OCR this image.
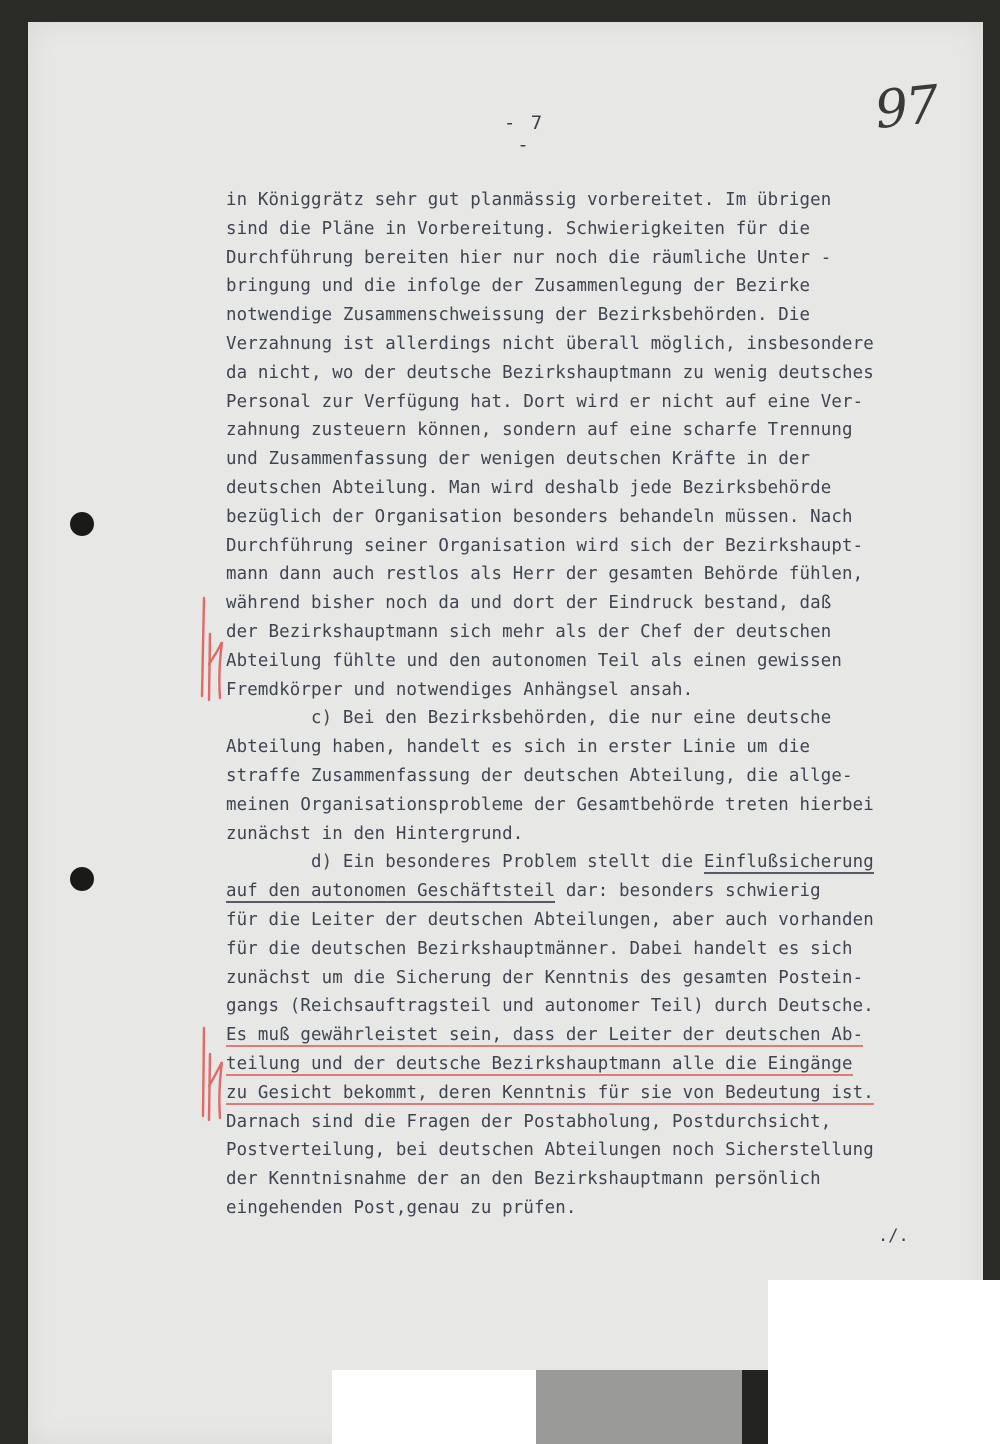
- 7 -
97
in Königgrätz sehr gut planmässig vorbereitet. Im übrigen
sind die Pläne in Vorbereitung. Schwierigkeiten für die
Durchführung bereiten hier nur noch die räumliche Unter -
bringung und die infolge der Zusammenlegung der Bezirke
notwendige Zusammenschweissung der Bezirksbehörden. Die
Verzahnung ist allerdings nicht überall möglich, insbesondere
da nicht, wo der deutsche Bezirkshauptmann zu wenig deutsches
Personal zur Verfügung hat. Dort wird er nicht auf eine Ver-
zahnung zusteuern können, sondern auf eine scharfe Trennung
und Zusammenfassung der wenigen deutschen Kräfte in der
deutschen Abteilung. Man wird deshalb jede Bezirksbehörde
bezüglich der Organisation besonders behandeln müssen. Nach
Durchführung seiner Organisation wird sich der Bezirkshaupt-
mann dann auch restlos als Herr der gesamten Behörde fühlen,
während bisher noch da und dort der Eindruck bestand, daß
der Bezirkshauptmann sich mehr als der Chef der deutschen
Abteilung fühlte und den autonomen Teil als einen gewissen
Fremdkörper und notwendiges Anhängsel ansah.
c) Bei den Bezirksbehörden, die nur eine deutsche
Abteilung haben, handelt es sich in erster Linie um die
straffe Zusammenfassung der deutschen Abteilung, die allge-
meinen Organisationsprobleme der Gesamtbehörde treten hierbei
zunächst in den Hintergrund.
d) Ein besonderes Problem stellt die Einflußsicherung
auf den autonomen Geschäftsteil dar: besonders schwierig
für die Leiter der deutschen Abteilungen, aber auch vorhanden
für die deutschen Bezirkshauptmänner. Dabei handelt es sich
zunächst um die Sicherung der Kenntnis des gesamten Postein-
gangs (Reichsauftragsteil und autonomer Teil) durch Deutsche.
Es muß gewährleistet sein, dass der Leiter der deutschen Ab-
teilung und der deutsche Bezirkshauptmann alle die Eingänge
zu Gesicht bekommt, deren Kenntnis für sie von Bedeutung ist.
Darnach sind die Fragen der Postabholung, Postdurchsicht,
Postverteilung, bei deutschen Abteilungen noch Sicherstellung
der Kenntnisnahme der an den Bezirkshauptmann persönlich
eingehenden Post,genau zu prüfen.
./.
